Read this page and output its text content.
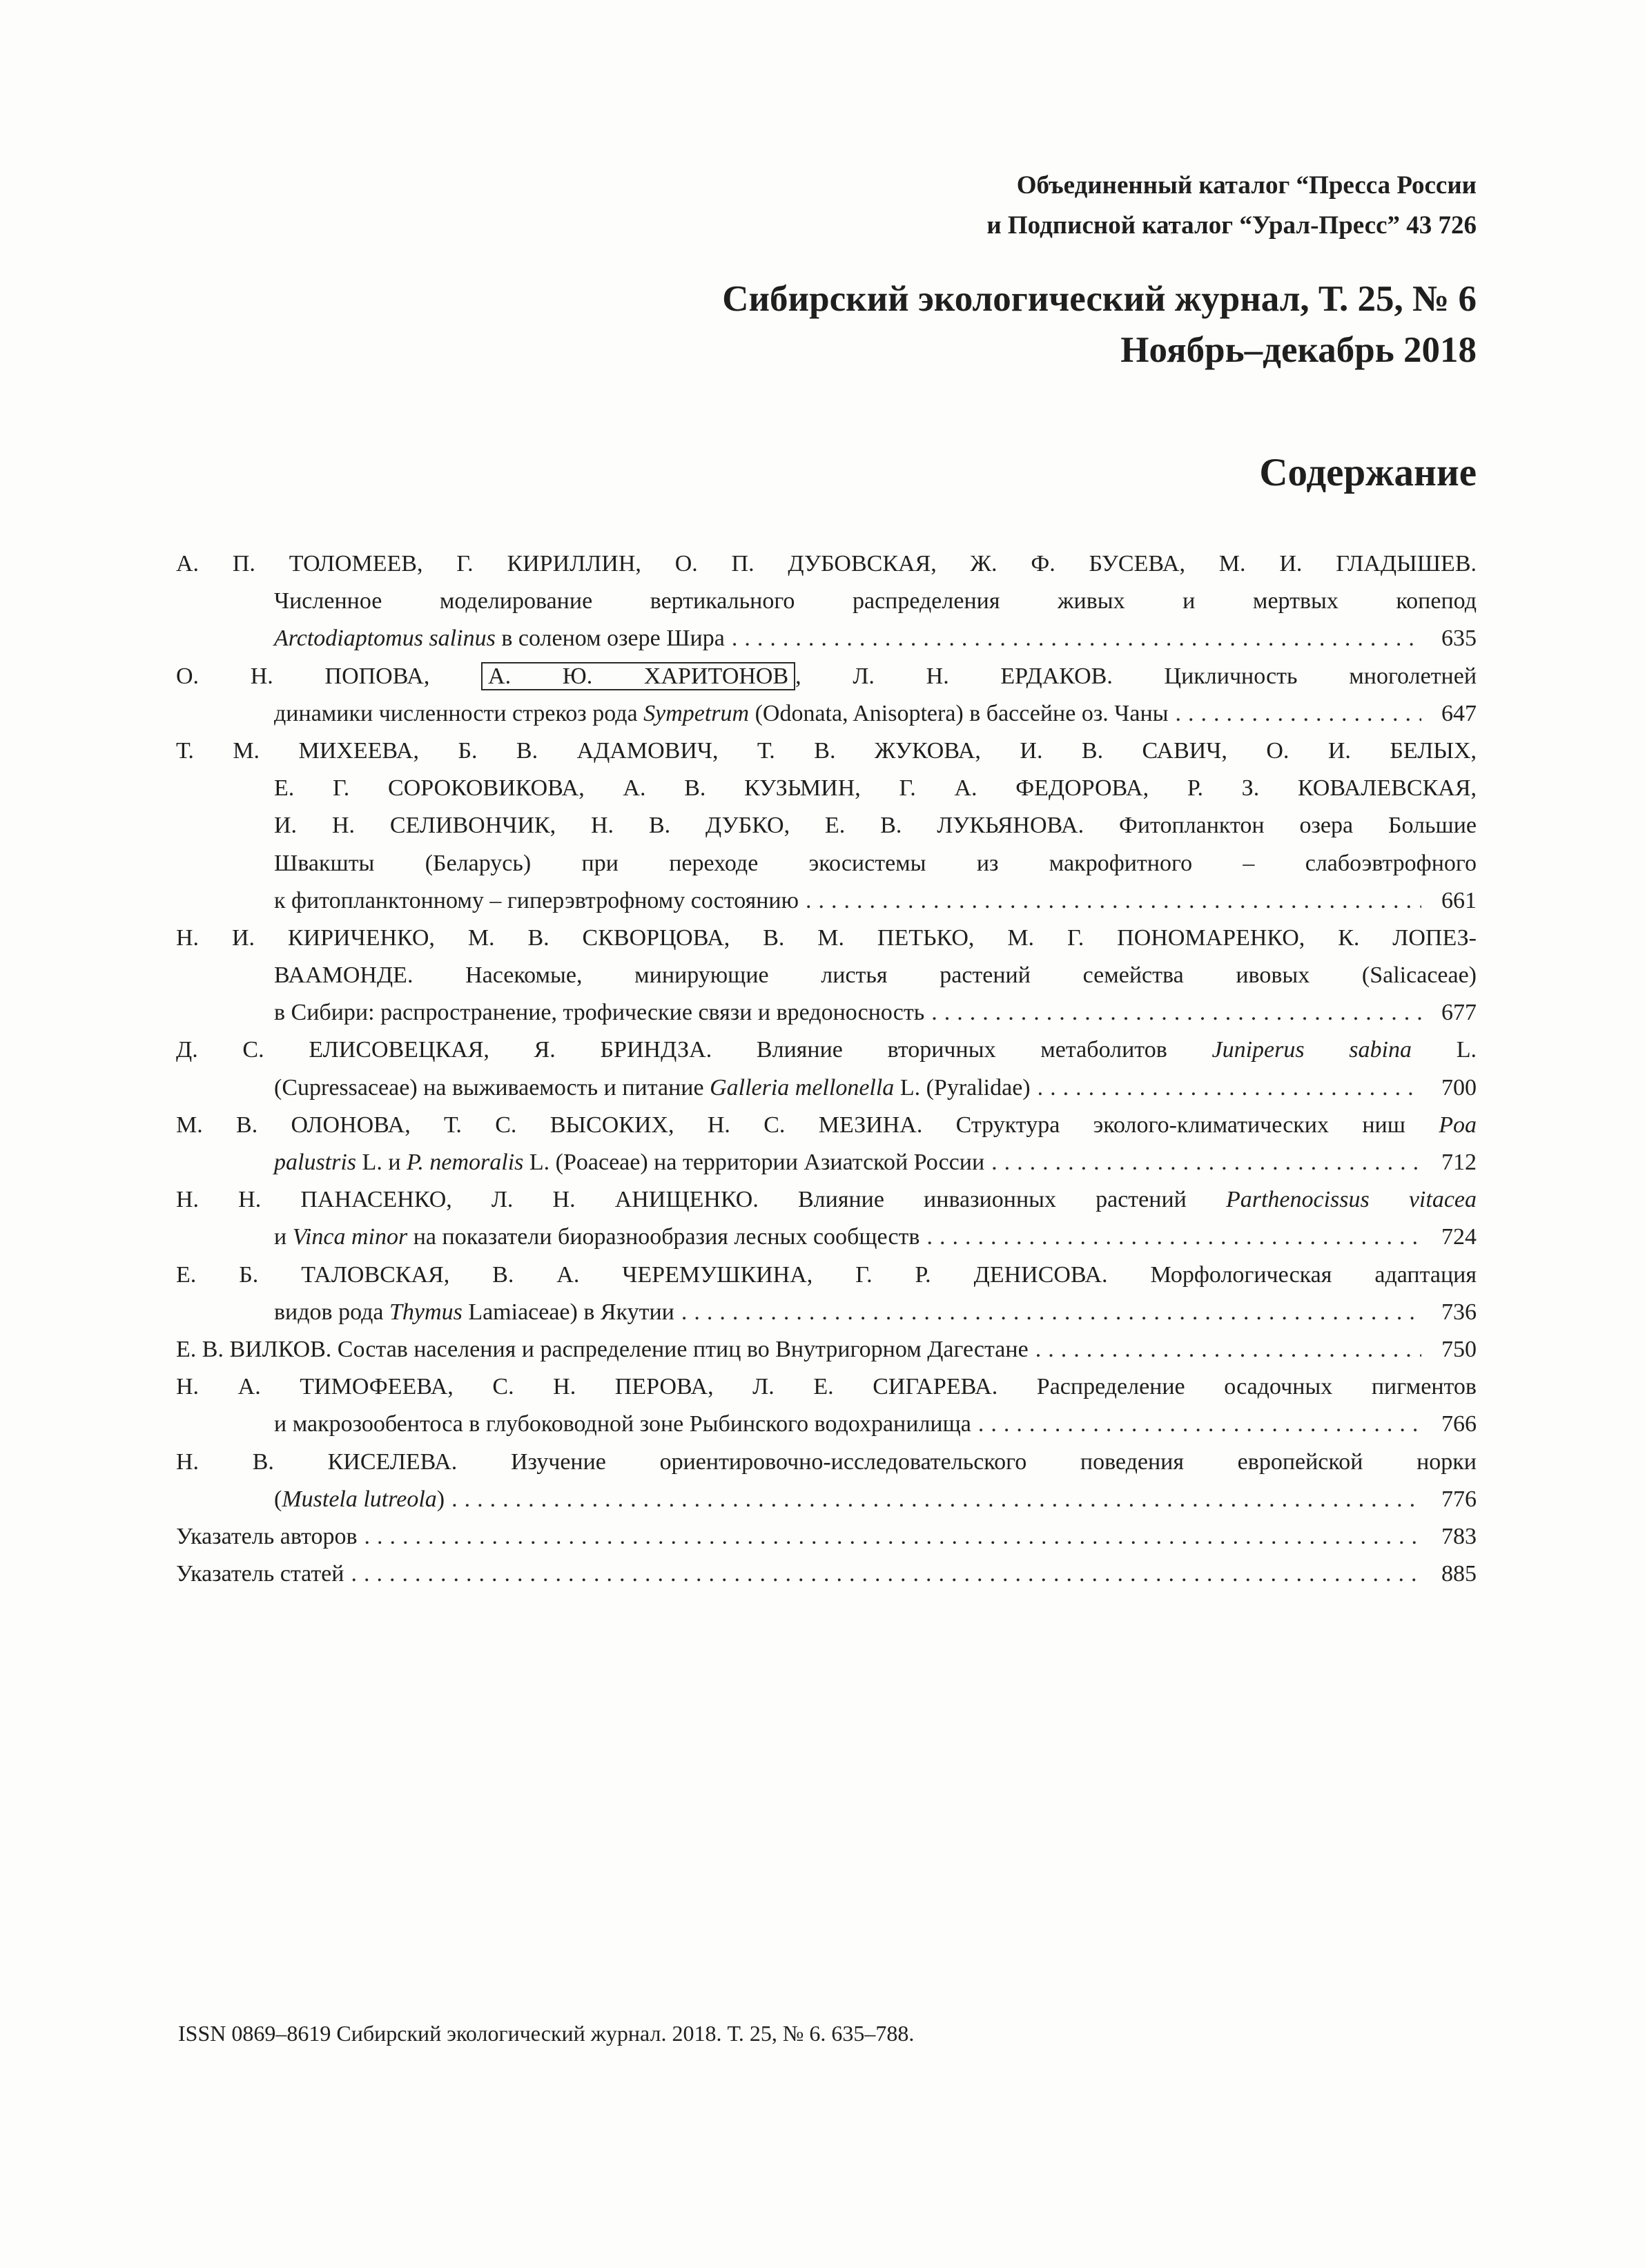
Объединенный каталог “Пресса России
и Подписной каталог “Урал-Пресс” 43 726
Сибирский экологический журнал, Т. 25, № 6
Ноябрь–декабрь 2018
Содержание
А. П. ТОЛОМЕЕВ, Г. КИРИЛЛИН, О. П. ДУБОВСКАЯ, Ж. Ф. БУСЕВА, М. И. ГЛАДЫШЕВ.
Численное моделирование вертикального распределения живых и мертвых копепод
Arctodiaptomus salinus в соленом озере Шира .....	635
О. Н. ПОПОВА, А. Ю. ХАРИТОНОВ , Л. Н. ЕРДАКОВ. Цикличность многолетней
динамики численности стрекоз рода Sympetrum (Odonata, Anisoptera) в бассейне оз. Чаны .....	647
Т. М. МИХЕЕВА, Б. В. АДАМОВИЧ, Т. В. ЖУКОВА, И. В. САВИЧ, О. И. БЕЛЫХ,
Е. Г. СОРОКОВИКОВА, А. В. КУЗЬМИН, Г. А. ФЕДОРОВА, Р. З. КОВАЛЕВСКАЯ,
И. Н. СЕЛИВОНЧИК, Н. В. ДУБКО, Е. В. ЛУКЬЯНОВА. Фитопланктон озера Большие
Швакшты (Беларусь) при переходе экосистемы из макрофитного – слабоэвтрофного
к фитопланктонному – гиперэвтрофному состоянию .....	661
Н. И. КИРИЧЕНКО, М. В. СКВОРЦОВА, В. М. ПЕТЬКО, М. Г. ПОНОМАРЕНКО, К. ЛОПЕЗ-
ВААМОНДЕ. Насекомые, минирующие листья растений семейства ивовых (Salicaceae)
в Сибири: распространение, трофические связи и вредоносность .....	677
Д. С. ЕЛИСОВЕЦКАЯ, Я. БРИНДЗА. Влияние вторичных метаболитов Juniperus sabina L.
(Cupressaceae) на выживаемость и питание Galleria mellonella L. (Pyralidae) .....	700
М. В. ОЛОНОВА, Т. С. ВЫСОКИХ, Н. С. МЕЗИНА. Структура эколого-климатических ниш Poa
palustris L. и P. nemoralis L. (Poaceae) на территории Азиатской России .....	712
Н. Н. ПАНАСЕНКО, Л. Н. АНИЩЕНКО. Влияние инвазионных растений Parthenocissus vitacea
и Vinca minor на показатели биоразнообразия лесных сообществ .....	724
Е. Б. ТАЛОВСКАЯ, В. А. ЧЕРЕМУШКИНА, Г. Р. ДЕНИСОВА. Морфологическая адаптация
видов рода Thymus Lamiaceae) в Якутии .....	736
Е. В. ВИЛКОВ. Состав населения и распределение птиц во Внутригорном Дагестане .....	750
Н. А. ТИМОФЕЕВА, С. Н. ПЕРОВА, Л. Е. СИГАРЕВА. Распределение осадочных пигментов
и макрозообентоса в глубоководной зоне Рыбинского водохранилища .....	766
Н. В. КИСЕЛЕВА. Изучение ориентировочно-исследовательского поведения европейской норки
(Mustela lutreola) .....	776
Указатель авторов .....	783
Указатель статей .....	885
ISSN 0869–8619 Сибирский экологический журнал. 2018. Т. 25, № 6. 635–788.
